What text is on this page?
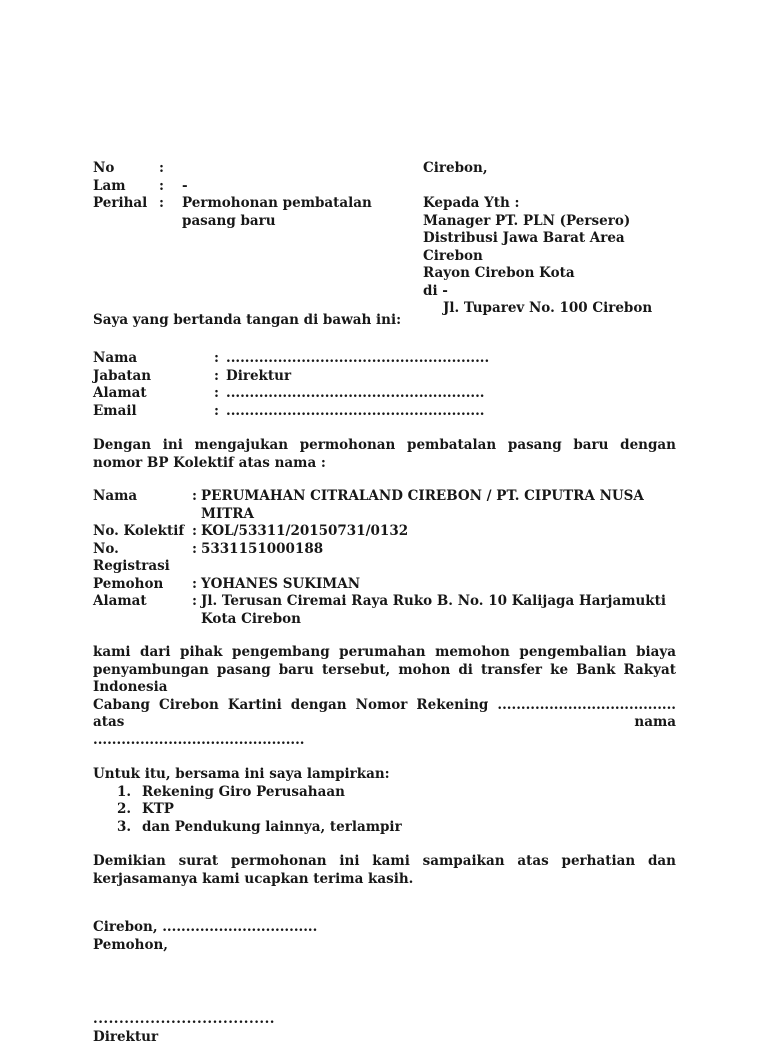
No	:
Lam	:	-
Perihal :	Permohonan pembatalan
pasang baru
Cirebon,
Kepada Yth :
Manager PT. PLN (Persero)
Distribusi Jawa Barat Area Cirebon
Rayon Cirebon Kota
di -
Jl. Tuparev No. 100 Cirebon
Saya yang bertanda tangan di bawah ini:
Nama	: ........................................................
Jabatan	: Direktur
Alamat	: .......................................................
Email	: .......................................................
Dengan ini mengajukan permohonan pembatalan pasang baru dengan nomor BP Kolektif atas nama :
Nama	: PERUMAHAN CITRALAND CIREBON / PT. CIPUTRA NUSA MITRA
No. Kolektif : KOL/53311/20150731/0132
No. Registrasi
: 5331151000188
Pemohon	: YOHANES SUKIMAN
Alamat	: Jl. Terusan Ciremai Raya Ruko B. No. 10 Kalijaga Harjamukti
Kota Cirebon
kami dari pihak pengembang perumahan memohon pengembalian biaya
penyambungan pasang baru tersebut, mohon di transfer ke Bank Rakyat Indonesia
Cabang Cirebon Kartini dengan Nomor Rekening ...................................... atas nama
.............................................
Untuk itu, bersama ini saya lampirkan:
1. Rekening Giro Perusahaan
2. KTP
3. dan Pendukung lainnya, terlampir
Demikian surat permohonan ini kami sampaikan atas perhatian dan kerjasamanya kami ucapkan terima kasih.
Cirebon, .................................
Pemohon,
...................................
Direktur
